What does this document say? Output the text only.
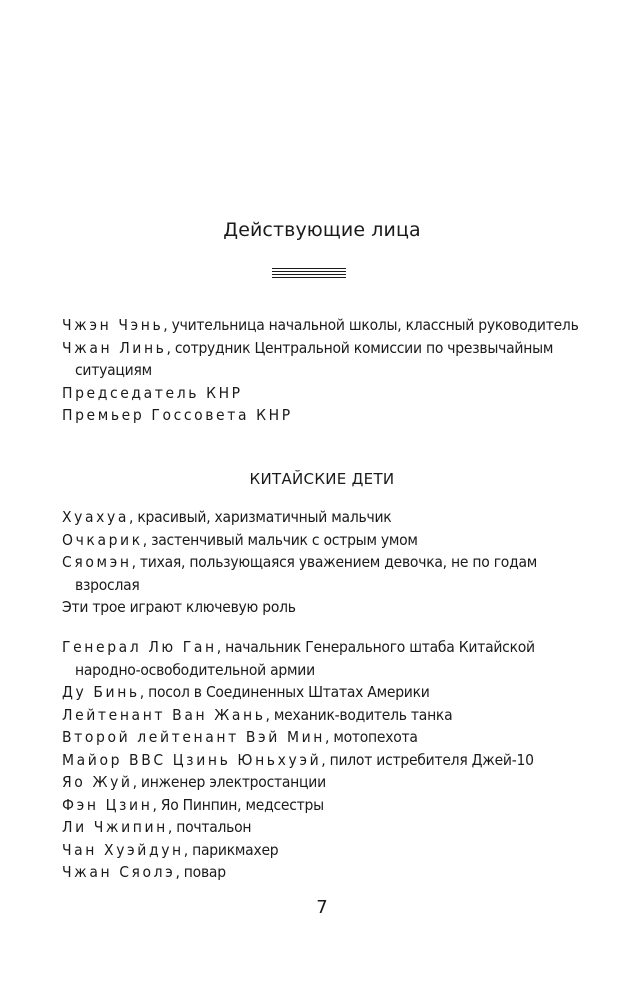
Действующие лица

Чжэн Чэнь, учительница начальной школы, классный руководитель

Чжан Линь, сотрудник Центральной комиссии по чрезвычайным ситуациям

Председатель КНР

Премьер Госсовета КНР

КИТАЙСКИЕ ДЕТИ

Хуахуа, красивый, харизматичный мальчик

Очкарик, застенчивый мальчик с острым умом

Сяомэн, тихая, пользующаяся уважением девочка, не по годам взрослая

Эти трое играют ключевую роль

Генерал Лю Ган, начальник Генерального штаба Китайской народно-освободительной армии

Ду Бинь, посол в Соединенных Штатах Америки

Лейтенант Ван Жань, механик-водитель танка

Второй лейтенант Вэй Мин, мотопехота

Майор ВВС Цзинь Юньхуэй, пилот истребителя Джей-10

Яо Жуй, инженер электростанции

Фэн Цзин, Яо Пинпин, медсестры

Ли Чжипин, почтальон

Чан Хуэйдун, парикмахер

Чжан Сяолэ, повар

7
